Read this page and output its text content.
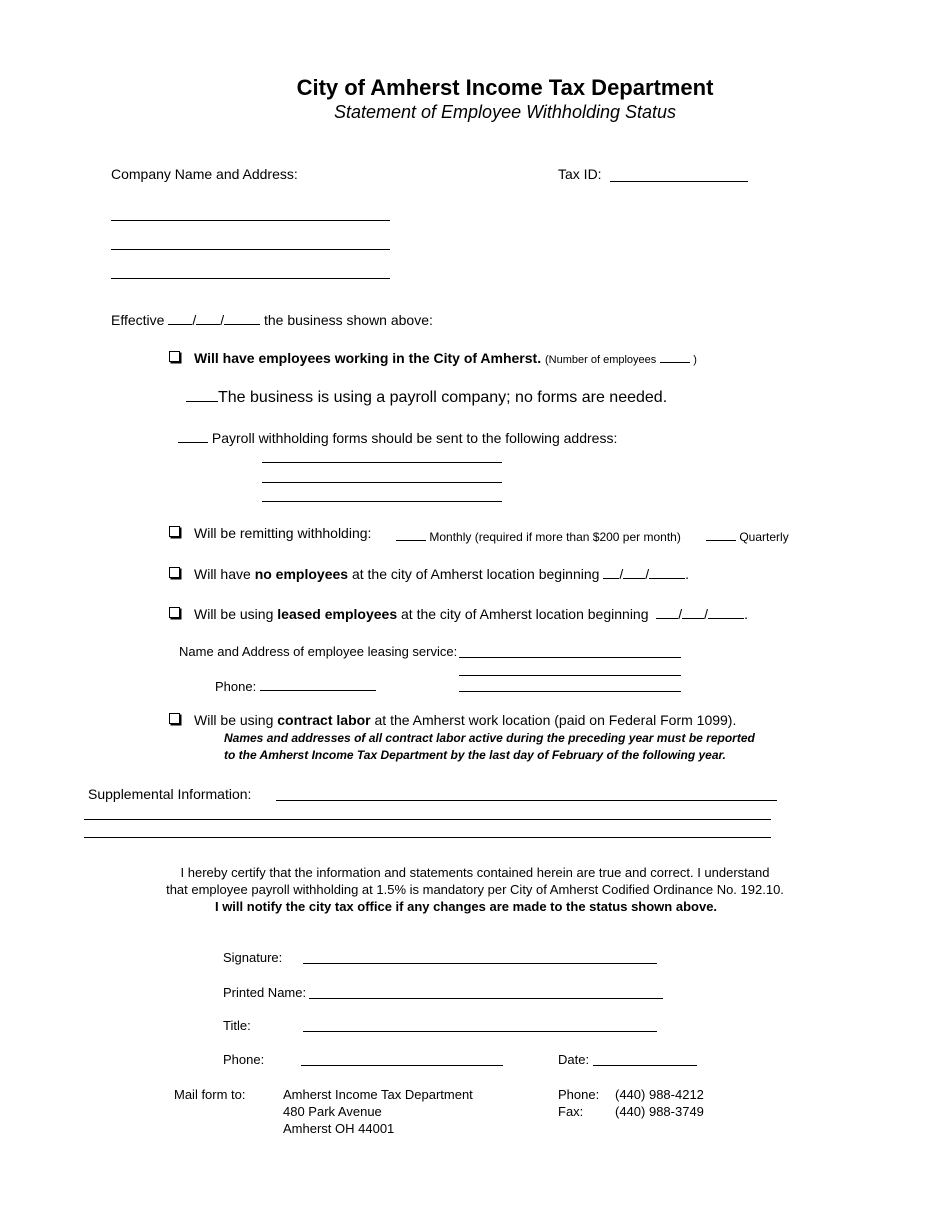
City of Amherst Income Tax Department
Statement of Employee Withholding Status
Company Name and Address:	Tax ID:
Effective / /	the business shown above:
Will have employees working in the City of Amherst. (Number of employees	)
The business is using a payroll company; no forms are needed.
Payroll withholding forms should be sent to the following address:
Will be remitting withholding:	Monthly (required if more than $200 per month)	Quarterly
Will have no employees at the city of Amherst location beginning / /	.
Will be using leased employees at the city of Amherst location beginning / /	.
Name and Address of employee leasing service:
Phone:
Will be using contract labor at the Amherst work location (paid on Federal Form 1099).
Names and addresses of all contract labor active during the preceding year must be reported
to the Amherst Income Tax Department by the last day of February of the following year.
Supplemental Information:
I hereby certify that the information and statements contained herein are true and correct. I understand
that employee payroll withholding at 1.5% is mandatory per City of Amherst Codified Ordinance No. 192.10.
I will notify the city tax office if any changes are made to the status shown above.
Signature:
Printed Name:
Title:
Phone:	Date:
Mail form to:	Amherst Income Tax Department
480 Park Avenue
Amherst OH 44001
Phone: (440) 988-4212
Fax: (440) 988-3749
